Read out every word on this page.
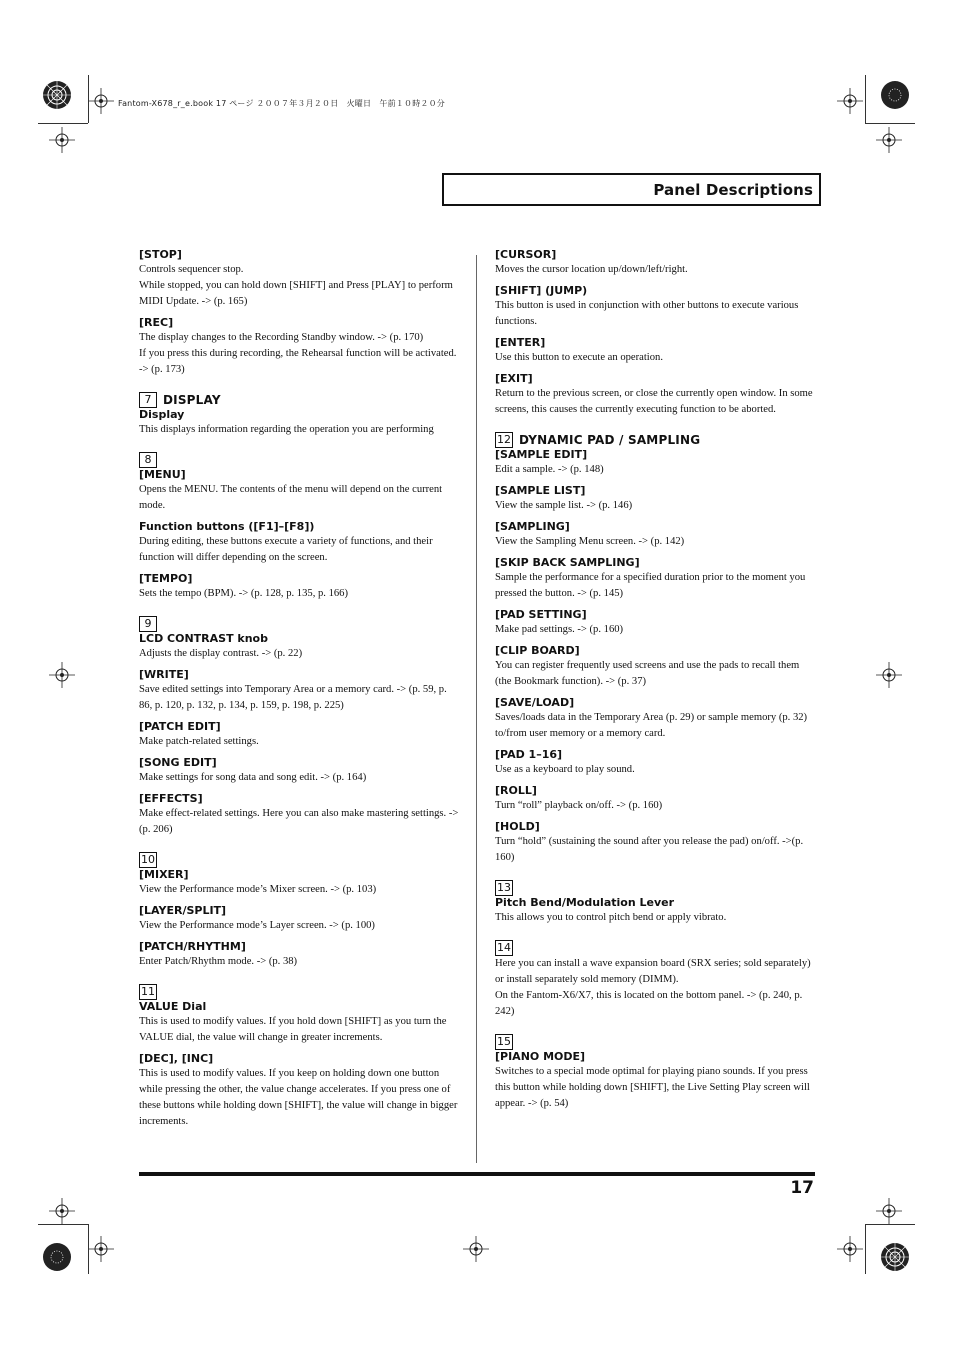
Fantom-X678_r_e.book 17 ページ ２００７年３月２０日　火曜日　午前１０時２０分
Panel Descriptions
[STOP]

Controls sequencer stop.

While stopped, you can hold down [SHIFT] and Press [PLAY] to perform MIDI Update. -> (p. 165)

[REC]

The display changes to the Recording Standby window. -> (p. 170)

If you press this during recording, the Rehearsal function will be activated. -> (p. 173)

7 DISPLAY
Display

This displays information regarding the operation you are performing

8
[MENU]

Opens the MENU. The contents of the menu will depend on the current mode.

Function buttons ([F1]–[F8])

During editing, these buttons execute a variety of functions, and their function will differ depending on the screen.

[TEMPO]

Sets the tempo (BPM). -> (p. 128, p. 135, p. 166)

9
LCD CONTRAST knob

Adjusts the display contrast. -> (p. 22)

[WRITE]

Save edited settings into Temporary Area or a memory card. -> (p. 59, p. 86, p. 120, p. 132, p. 134, p. 159, p. 198, p. 225)

[PATCH EDIT]

Make patch-related settings.

[SONG EDIT]

Make settings for song data and song edit. -> (p. 164)

[EFFECTS]

Make effect-related settings. Here you can also make mastering settings. -> (p. 206)

10
[MIXER]

View the Performance mode’s Mixer screen. -> (p. 103)

[LAYER/SPLIT]

View the Performance mode’s Layer screen. -> (p. 100)

[PATCH/RHYTHM]

Enter Patch/Rhythm mode. -> (p. 38)

11
VALUE Dial

This is used to modify values. If you hold down [SHIFT] as you turn the VALUE dial, the value will change in greater increments.

[DEC], [INC]

This is used to modify values. If you keep on holding down one button while pressing the other, the value change accelerates. If you press one of these buttons while holding down [SHIFT], the value will change in bigger increments.

[CURSOR]

Moves the cursor location up/down/left/right.

[SHIFT] (JUMP)

This button is used in conjunction with other buttons to execute various functions.

[ENTER]

Use this button to execute an operation.

[EXIT]

Return to the previous screen, or close the currently open window. In some screens, this causes the currently executing function to be aborted.

12 DYNAMIC PAD / SAMPLING
[SAMPLE EDIT]

Edit a sample. -> (p. 148)

[SAMPLE LIST]

View the sample list. -> (p. 146)

[SAMPLING]

View the Sampling Menu screen. -> (p. 142)

[SKIP BACK SAMPLING]

Sample the performance for a specified duration prior to the moment you pressed the button. -> (p. 145)

[PAD SETTING]

Make pad settings. -> (p. 160)

[CLIP BOARD]

You can register frequently used screens and use the pads to recall them (the Bookmark function). -> (p. 37)

[SAVE/LOAD]

Saves/loads data in the Temporary Area (p. 29) or sample memory (p. 32) to/from user memory or a memory card.

[PAD 1–16]

Use as a keyboard to play sound.

[ROLL]

Turn “roll” playback on/off. -> (p. 160)

[HOLD]

Turn “hold” (sustaining the sound after you release the pad) on/off. ->(p. 160)

13
Pitch Bend/Modulation Lever

This allows you to control pitch bend or apply vibrato.

14

Here you can install a wave expansion board (SRX series; sold separately) or install separately sold memory (DIMM).

On the Fantom-X6/X7, this is located on the bottom panel. -> (p. 240, p. 242)

15
[PIANO MODE]

Switches to a special mode optimal for playing piano sounds. If you press this button while holding down [SHIFT], the Live Setting Play screen will appear. -> (p. 54)

17
